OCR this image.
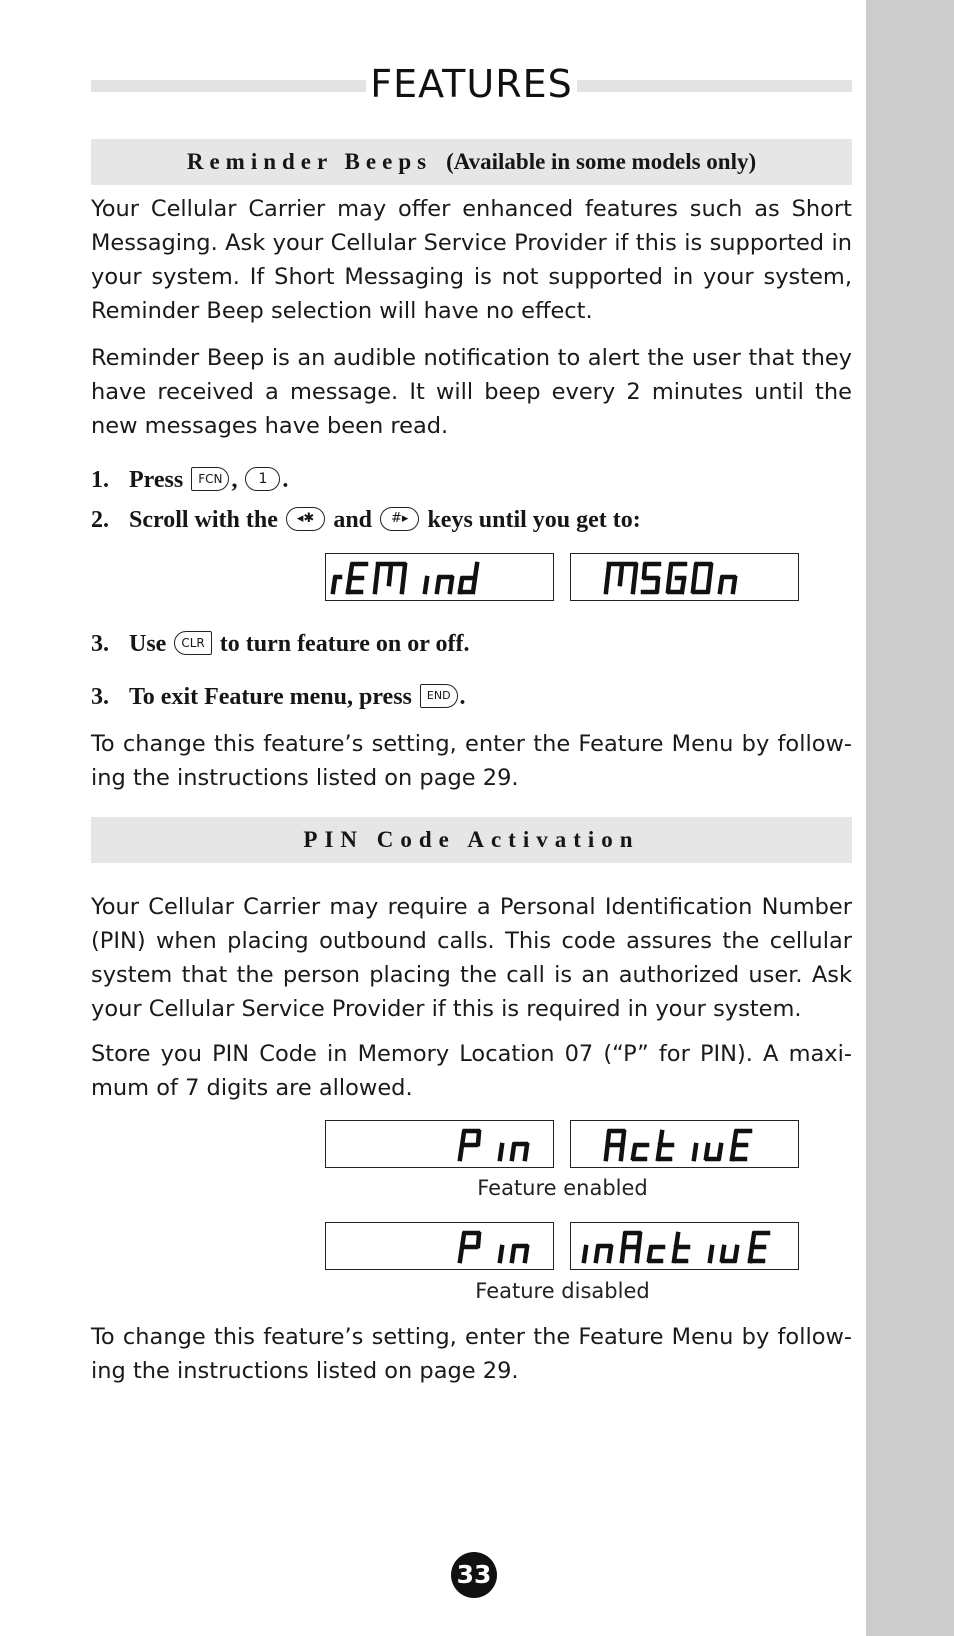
FEATURES
Reminder Beeps (Available in some models only)

Your Cellular Carrier may offer enhanced features such as Short Messaging. Ask your Cellular Service Provider if this is supported in your system. If Short Messaging is not supported in your system, Reminder Beep selection will have no effect.

Reminder Beep is an audible notification to alert the user that they have received a message. It will beep every 2 minutes until the new messages have been read.

1. Press FCN , 1 .
2. Scroll with the ◂✱ and #▸ keys until you get to:
3. Use CLR to turn feature on or off.
3. To exit Feature menu, press END .

To change this feature’s setting, enter the Feature Menu by following the instructions listed on page 29.

PIN Code Activation

Your Cellular Carrier may require a Personal Identification Number (PIN) when placing outbound calls. This code assures the cellular system that the person placing the call is an authorized user. Ask your Cellular Service Provider if this is required in your system.

Store you PIN Code in Memory Location 07 (“P” for PIN). A maximum of 7 digits are allowed.

Feature enabled
Feature disabled

To change this feature’s setting, enter the Feature Menu by following the instructions listed on page 29.

33
